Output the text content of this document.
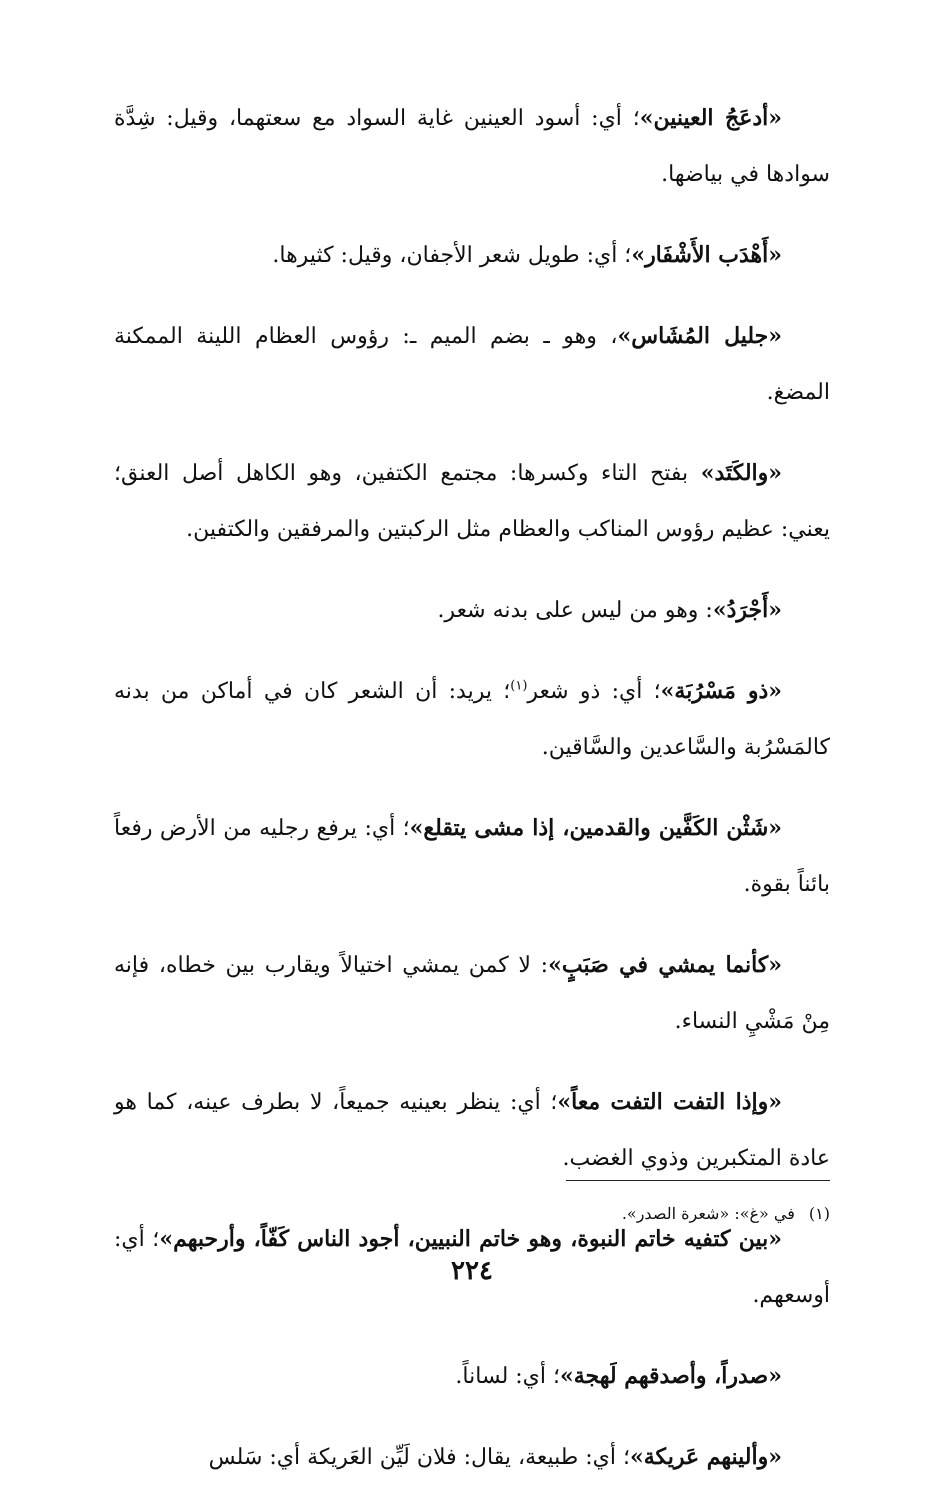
«أدعَجُ العينين»؛ أي: أسود العينين غاية السواد مع سعتهما، وقيل: شِدَّة سوادها في بياضها.

«أَهْدَب الأَشْفَار»؛ أي: طويل شعر الأجفان، وقيل: كثيرها.

«جليل المُشَاس»، وهو ـ بضم الميم ـ: رؤوس العظام اللينة الممكنة المضغ.

«والكَتَد» بفتح التاء وكسرها: مجتمع الكتفين، وهو الكاهل أصل العنق؛ يعني: عظيم رؤوس المناكب والعظام مثل الركبتين والمرفقين والكتفين.

«أَجْرَدُ»: وهو من ليس على بدنه شعر.

«ذو مَسْرُبَة»؛ أي: ذو شعر$^{(١)}$؛ يريد: أن الشعر كان في أماكن من بدنه كالمَسْرُبة والسَّاعدين والسَّاقين.

«شَثْن الكَفَّين والقدمين، إذا مشى يتقلع»؛ أي: يرفع رجليه من الأرض رفعاً بائناً بقوة.

«كأنما يمشي في صَبَبٍ»: لا كمن يمشي اختيالاً ويقارب بين خطاه، فإنه مِنْ مَشْيِ النساء.

«وإذا التفت التفت معاً»؛ أي: ينظر بعينيه جميعاً، لا بطرف عينه، كما هو عادة المتكبرين وذوي الغضب.

«بين كتفيه خاتم النبوة، وهو خاتم النبيين، أجود الناس كَفّاً، وأرحبهم»؛ أي: أوسعهم.

«صدراً، وأصدقهم لَهجة»؛ أي: لساناً.

«وألينهم عَريكة»؛ أي: طبيعة، يقال: فلان لَيِّن العَريكة أي: سَلس

(١)في «غ»: «شعرة الصدر».
٢٢٤
